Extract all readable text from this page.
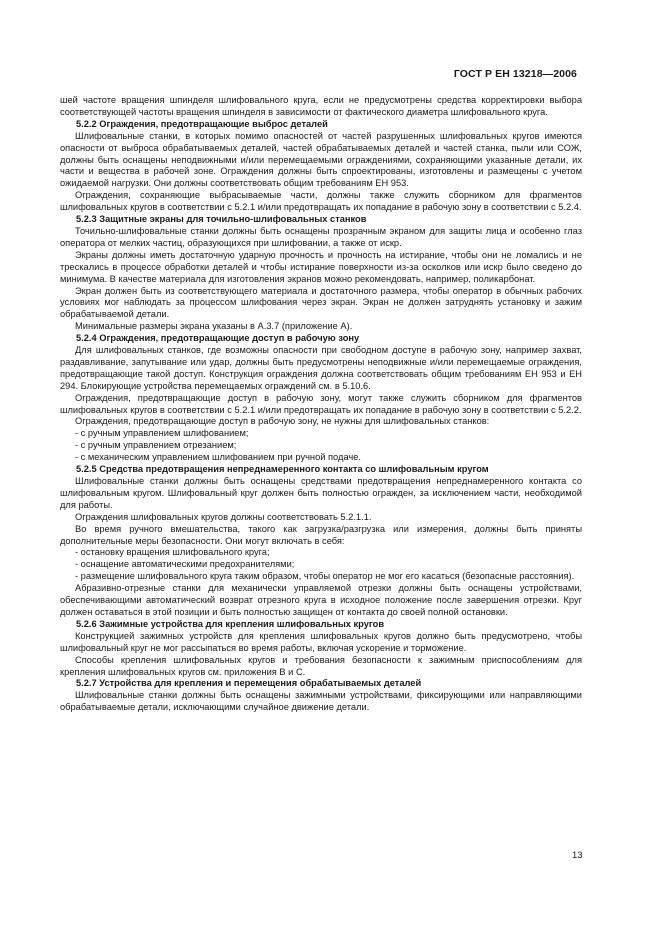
ГОСТ Р ЕН 13218—2006

шей частоте вращения шпинделя шлифовального круга, если не предусмотрены средства корректировки выбора соответствующей частоты вращения шпинделя в зависимости от фактического диаметра шлифовального круга.

5.2.2 Ограждения, предотвращающие выброс деталей

Шлифовальные станки, в которых помимо опасностей от частей разрушенных шлифовальных кругов имеются опасности от выброса обрабатываемых деталей, частей обрабатываемых деталей и частей станка, пыли или СОЖ, должны быть оснащены неподвижными и/или перемещаемыми ограждениями, сохраняющими указанные детали, их части и вещества в рабочей зоне. Ограждения должны быть спроектированы, изготовлены и размещены с учетом ожидаемой нагрузки. Они должны соответствовать общим требованиям ЕН 953.

Ограждения, сохраняющие выбрасываемые части, должны также служить сборником для фрагментов шлифовальных кругов в соответствии с 5.2.1 и/или предотвращать их попадание в рабочую зону в соответствии с 5.2.4.

5.2.3 Защитные экраны для точильно-шлифовальных станков

Точильно-шлифовальные станки должны быть оснащены прозрачным экраном для защиты лица и особенно глаз оператора от мелких частиц, образующихся при шлифовании, а также от искр.

Экраны должны иметь достаточную ударную прочность и прочность на истирание, чтобы они не ломались и не трескались в процессе обработки деталей и чтобы истирание поверхности из-за осколков или искр было сведено до минимума. В качестве материала для изготовления экранов можно рекомендовать, например, поликарбонат.

Экран должен быть из соответствующего материала и достаточного размера, чтобы оператор в обычных рабочих условиях мог наблюдать за процессом шлифования через экран. Экран не должен затруднять установку и зажим обрабатываемой детали.

Минимальные размеры экрана указаны в А.3.7 (приложение А).

5.2.4 Ограждения, предотвращающие доступ в рабочую зону

Для шлифовальных станков, где возможны опасности при свободном доступе в рабочую зону, например захват, раздавливание, запутывание или удар, должны быть предусмотрены неподвижные и/или перемещаемые ограждения, предотвращающие такой доступ. Конструкция ограждения должна соответствовать общим требованиям ЕН 953 и ЕН 294. Блокирующие устройства перемещаемых ограждений см. в 5.10.6.

Ограждения, предотвращающие доступ в рабочую зону, могут также служить сборником для фрагментов шлифовальных кругов в соответствии с 5.2.1 и/или предотвращать их попадание в рабочую зону в соответствии с 5.2.2.

Ограждения, предотвращающие доступ в рабочую зону, не нужны для шлифовальных станков:

- с ручным управлением шлифованием;

- с ручным управлением отрезанием;

- с механическим управлением шлифованием при ручной подаче.

5.2.5 Средства предотвращения непреднамеренного контакта со шлифовальным кругом

Шлифовальные станки должны быть оснащены средствами предотвращения непреднамеренного контакта со шлифовальным кругом. Шлифовальный круг должен быть полностью огражден, за исключением части, необходимой для работы.

Ограждения шлифовальных кругов должны соответствовать 5.2.1.1.

Во время ручного вмешательства, такого как загрузка/разгрузка или измерения, должны быть приняты дополнительные меры безопасности. Они могут включать в себя:

- остановку вращения шлифовального круга;

- оснащение автоматическими предохранителями;

- размещение шлифовального круга таким образом, чтобы оператор не мог его касаться (безопасные расстояния).

Абразивно-отрезные станки для механически управляемой отрезки должны быть оснащены устройствами, обеспечивающими автоматический возврат отрезного круга в исходное положение после завершения отрезки. Круг должен оставаться в этой позиции и быть полностью защищен от контакта до своей полной остановки.

5.2.6 Зажимные устройства для крепления шлифовальных кругов

Конструкцией зажимных устройств для крепления шлифовальных кругов должно быть предусмотрено, чтобы шлифовальный круг не мог рассыпаться во время работы, включая ускорение и торможение.

Способы крепления шлифовальных кругов и требования безопасности к зажимным приспособлениям для крепления шлифовальных кругов см. приложения В и С.

5.2.7 Устройства для крепления и перемещения обрабатываемых деталей

Шлифовальные станки должны быть оснащены зажимными устройствами, фиксирующими или направляющими обрабатываемые детали, исключающими случайное движение детали.

13
